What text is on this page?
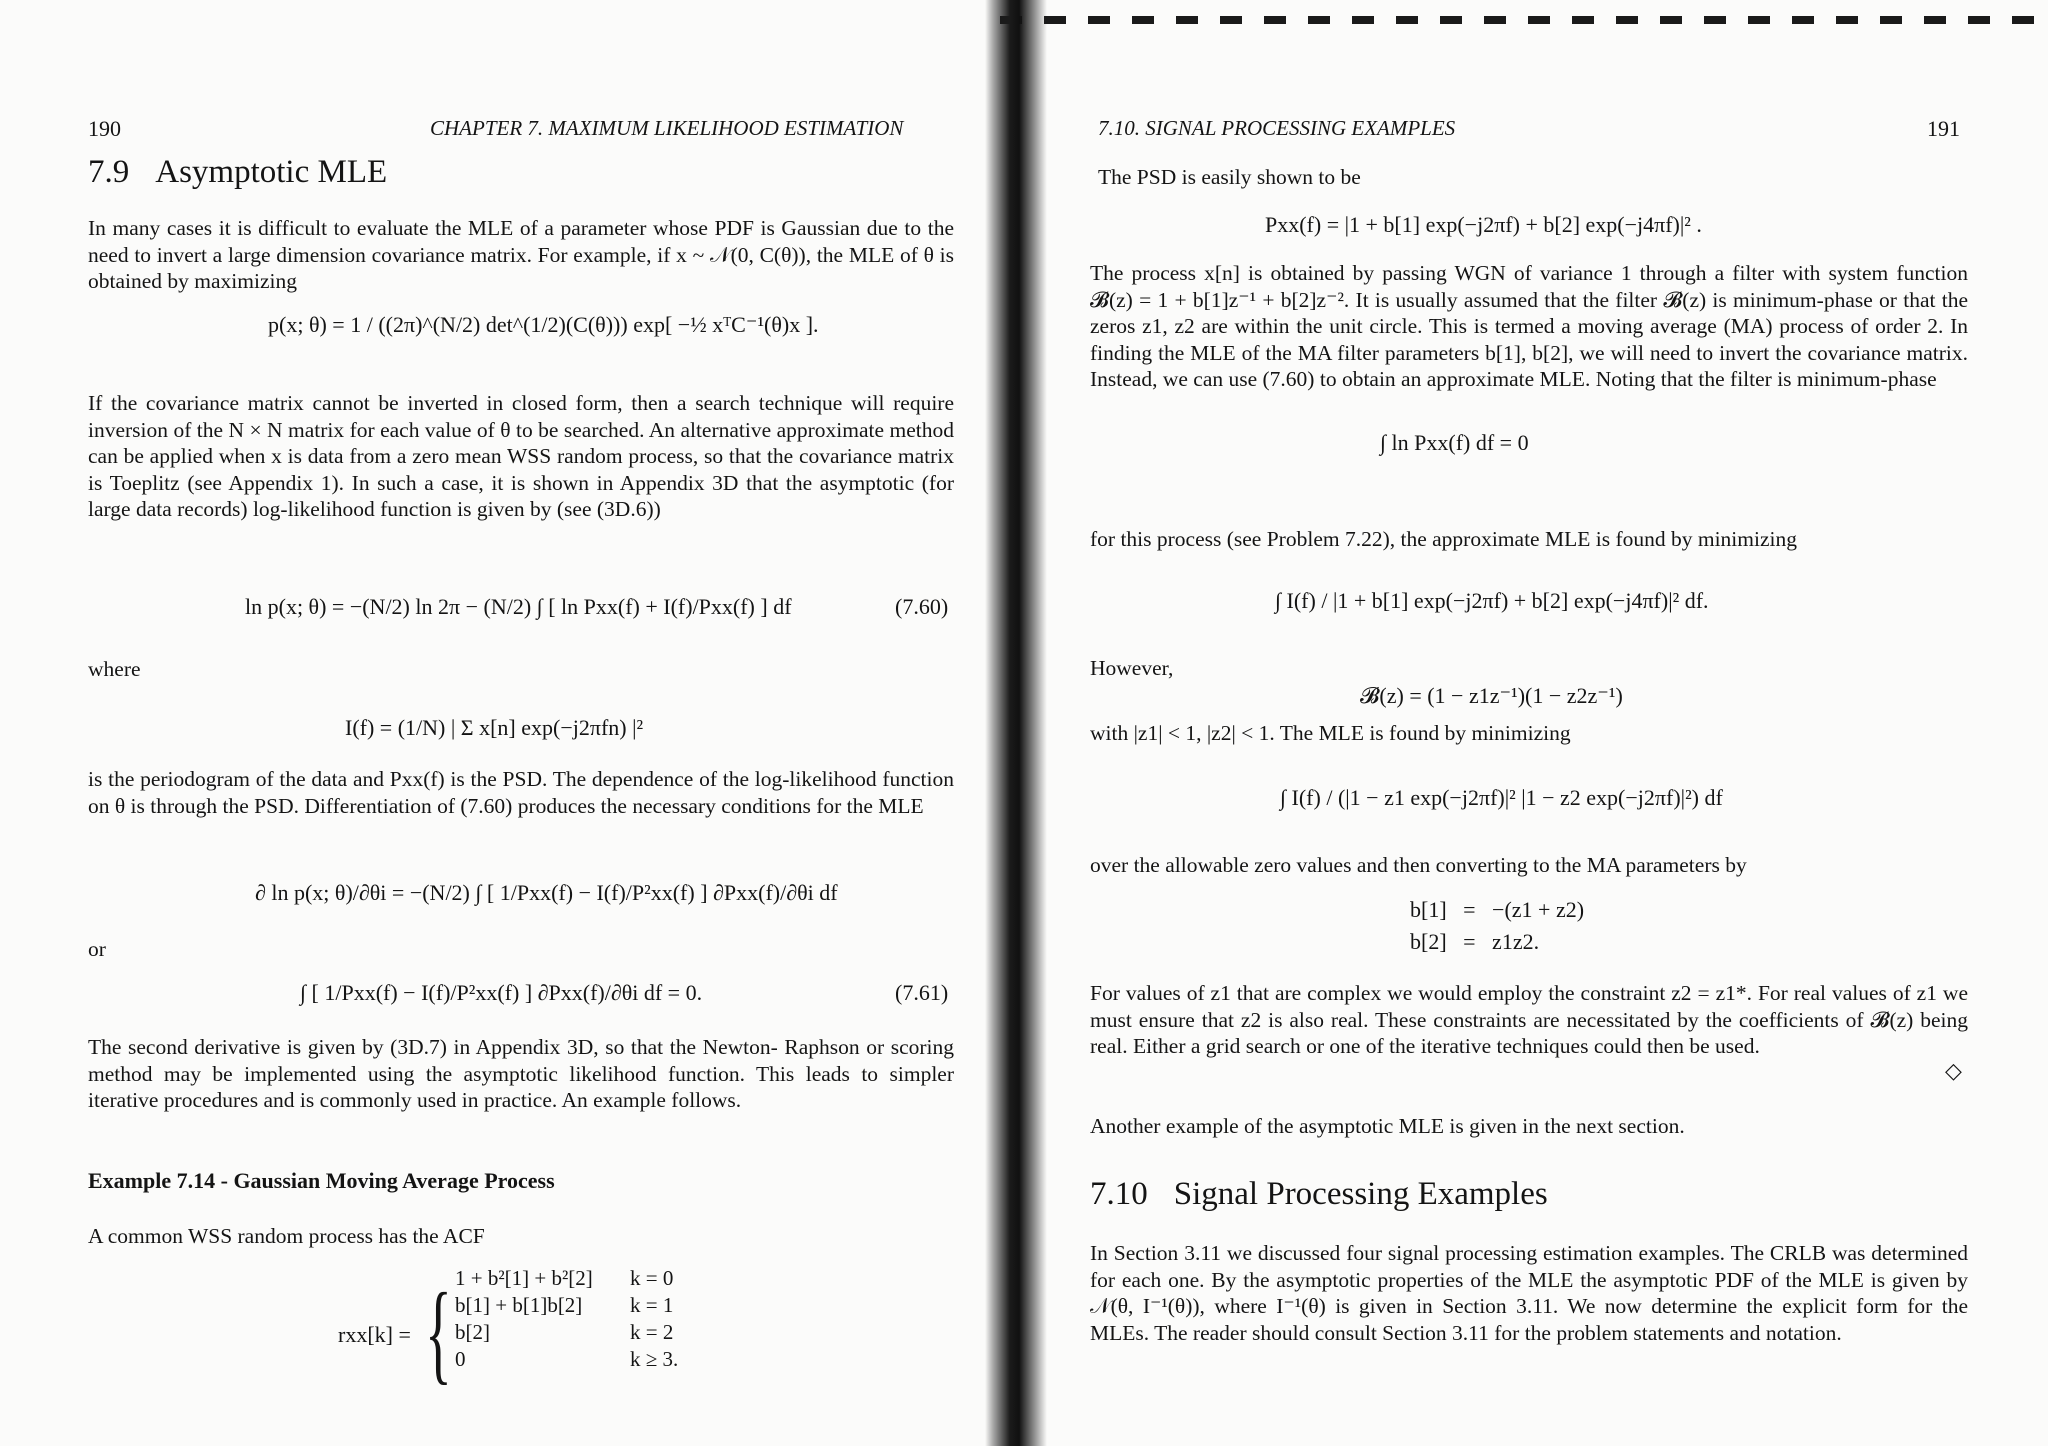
190	CHAPTER 7. MAXIMUM LIKELIHOOD ESTIMATION
7.9 Asymptotic MLE

In many cases it is difficult to evaluate the MLE of a parameter whose PDF is Gaussian due to the need to invert a large dimension covariance matrix. For example, if x ~ 𝒩(0, C(θ)), the MLE of θ is obtained by maximizing

p(x; θ) = 1 / ((2π)^(N/2) det^(1/2)(C(θ))) exp[ −½ xᵀC⁻¹(θ)x ].

If the covariance matrix cannot be inverted in closed form, then a search technique will require inversion of the N × N matrix for each value of θ to be searched. An alternative approximate method can be applied when x is data from a zero mean WSS random process, so that the covariance matrix is Toeplitz (see Appendix 1). In such a case, it is shown in Appendix 3D that the asymptotic (for large data records) log-likelihood function is given by (see (3D.6))

ln p(x; θ) = −(N/2) ln 2π − (N/2) ∫ [ ln Pxx(f) + I(f)/Pxx(f) ] df	(7.60)
where
I(f) = (1/N) | Σ x[n] exp(−j2πfn) |²

is the periodogram of the data and Pxx(f) is the PSD. The dependence of the log-likelihood function on θ is through the PSD. Differentiation of (7.60) produces the necessary conditions for the MLE

∂ ln p(x; θ)/∂θi = −(N/2) ∫ [ 1/Pxx(f) − I(f)/P²xx(f) ] ∂Pxx(f)/∂θi df
or
∫ [ 1/Pxx(f) − I(f)/P²xx(f) ] ∂Pxx(f)/∂θi df = 0.	(7.61)

The second derivative is given by (3D.7) in Appendix 3D, so that the Newton- Raphson or scoring method may be implemented using the asymptotic likelihood function. This leads to simpler iterative procedures and is commonly used in practice. An example follows.

Example 7.14 - Gaussian Moving Average Process

A common WSS random process has the ACF

rxx[k] = { 1 + b²[1] + b²[2] k = 0
b[1] + b[1]b[2] k = 1
b[2]	k = 2
0	k ≥ 3.
7.10. SIGNAL PROCESSING EXAMPLES	191

The PSD is easily shown to be

Pxx(f) = |1 + b[1] exp(−j2πf) + b[2] exp(−j4πf)|² .

The process x[n] is obtained by passing WGN of variance 1 through a filter with system function 𝓑(z) = 1 + b[1]z⁻¹ + b[2]z⁻². It is usually assumed that the filter 𝓑(z) is minimum-phase or that the zeros z1, z2 are within the unit circle. This is termed a moving average (MA) process of order 2. In finding the MLE of the MA filter parameters b[1], b[2], we will need to invert the covariance matrix. Instead, we can use (7.60) to obtain an approximate MLE. Noting that the filter is minimum-phase

∫ ln Pxx(f) df = 0

for this process (see Problem 7.22), the approximate MLE is found by minimizing

∫ I(f) / |1 + b[1] exp(−j2πf) + b[2] exp(−j4πf)|² df.
However,
𝓑(z) = (1 − z1z⁻¹)(1 − z2z⁻¹)

with |z1| < 1, |z2| < 1. The MLE is found by minimizing

∫ I(f) / (|1 − z1 exp(−j2πf)|² |1 − z2 exp(−j2πf)|²) df

over the allowable zero values and then converting to the MA parameters by

b[1]   =   −(z1 + z2)
b[2]   =   z1z2.

For values of z1 that are complex we would employ the constraint z2 = z1*. For real values of z1 we must ensure that z2 is also real. These constraints are necessitated by the coefficients of 𝓑(z) being real. Either a grid search or one of the iterative techniques could then be used.

◇

Another example of the asymptotic MLE is given in the next section.

7.10 Signal Processing Examples

In Section 3.11 we discussed four signal processing estimation examples. The CRLB was determined for each one. By the asymptotic properties of the MLE the asymptotic PDF of the MLE is given by 𝒩(θ, I⁻¹(θ)), where I⁻¹(θ) is given in Section 3.11. We now determine the explicit form for the MLEs. The reader should consult Section 3.11 for the problem statements and notation.
